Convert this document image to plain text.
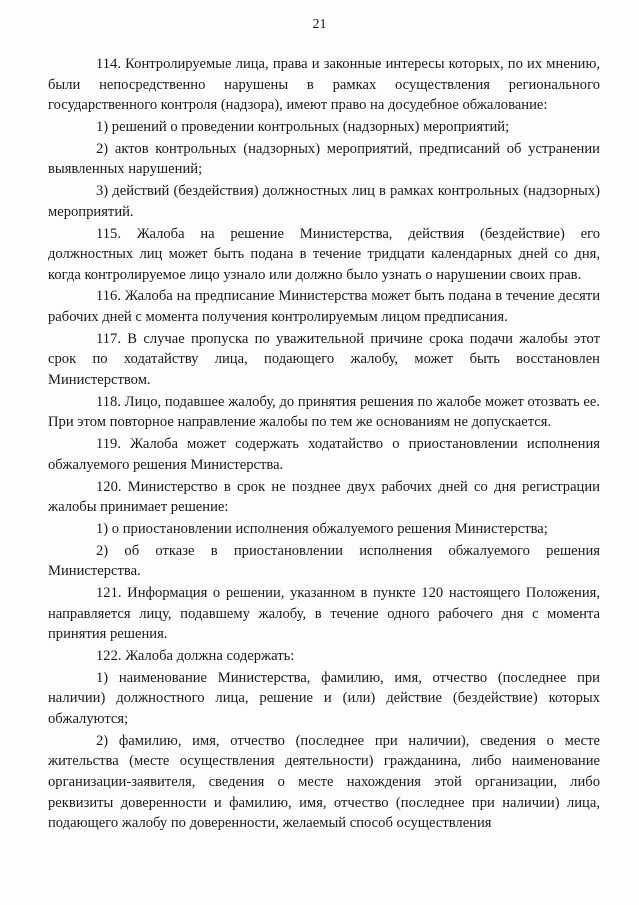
21

114. Контролируемые лица, права и законные интересы которых, по их мнению, были непосредственно нарушены в рамках осуществления регионального государственного контроля (надзора), имеют право на досудебное обжалование:

1) решений о проведении контрольных (надзорных) мероприятий;

2) актов контрольных (надзорных) мероприятий, предписаний об устранении выявленных нарушений;

3) действий (бездействия) должностных лиц в рамках контрольных (надзорных) мероприятий.

115. Жалоба на решение Министерства, действия (бездействие) его должностных лиц может быть подана в течение тридцати календарных дней со дня, когда контролируемое лицо узнало или должно было узнать о нарушении своих прав.

116. Жалоба на предписание Министерства может быть подана в течение десяти рабочих дней с момента получения контролируемым лицом предписания.

117. В случае пропуска по уважительной причине срока подачи жалобы этот срок по ходатайству лица, подающего жалобу, может быть восстановлен Министерством.

118. Лицо, подавшее жалобу, до принятия решения по жалобе может отозвать ее. При этом повторное направление жалобы по тем же основаниям не допускается.

119. Жалоба может содержать ходатайство о приостановлении исполнения обжалуемого решения Министерства.

120. Министерство в срок не позднее двух рабочих дней со дня регистрации жалобы принимает решение:

1) о приостановлении исполнения обжалуемого решения Министерства;

2) об отказе в приостановлении исполнения обжалуемого решения Министерства.

121. Информация о решении, указанном в пункте 120 настоящего Положения, направляется лицу, подавшему жалобу, в течение одного рабочего дня с момента принятия решения.

122. Жалоба должна содержать:

1) наименование Министерства, фамилию, имя, отчество (последнее при наличии) должностного лица, решение и (или) действие (бездействие) которых обжалуются;

2) фамилию, имя, отчество (последнее при наличии), сведения о месте жительства (месте осуществления деятельности) гражданина, либо наименование организации-заявителя, сведения о месте нахождения этой организации, либо реквизиты доверенности и фамилию, имя, отчество (последнее при наличии) лица, подающего жалобу по доверенности, желаемый способ осуществления
